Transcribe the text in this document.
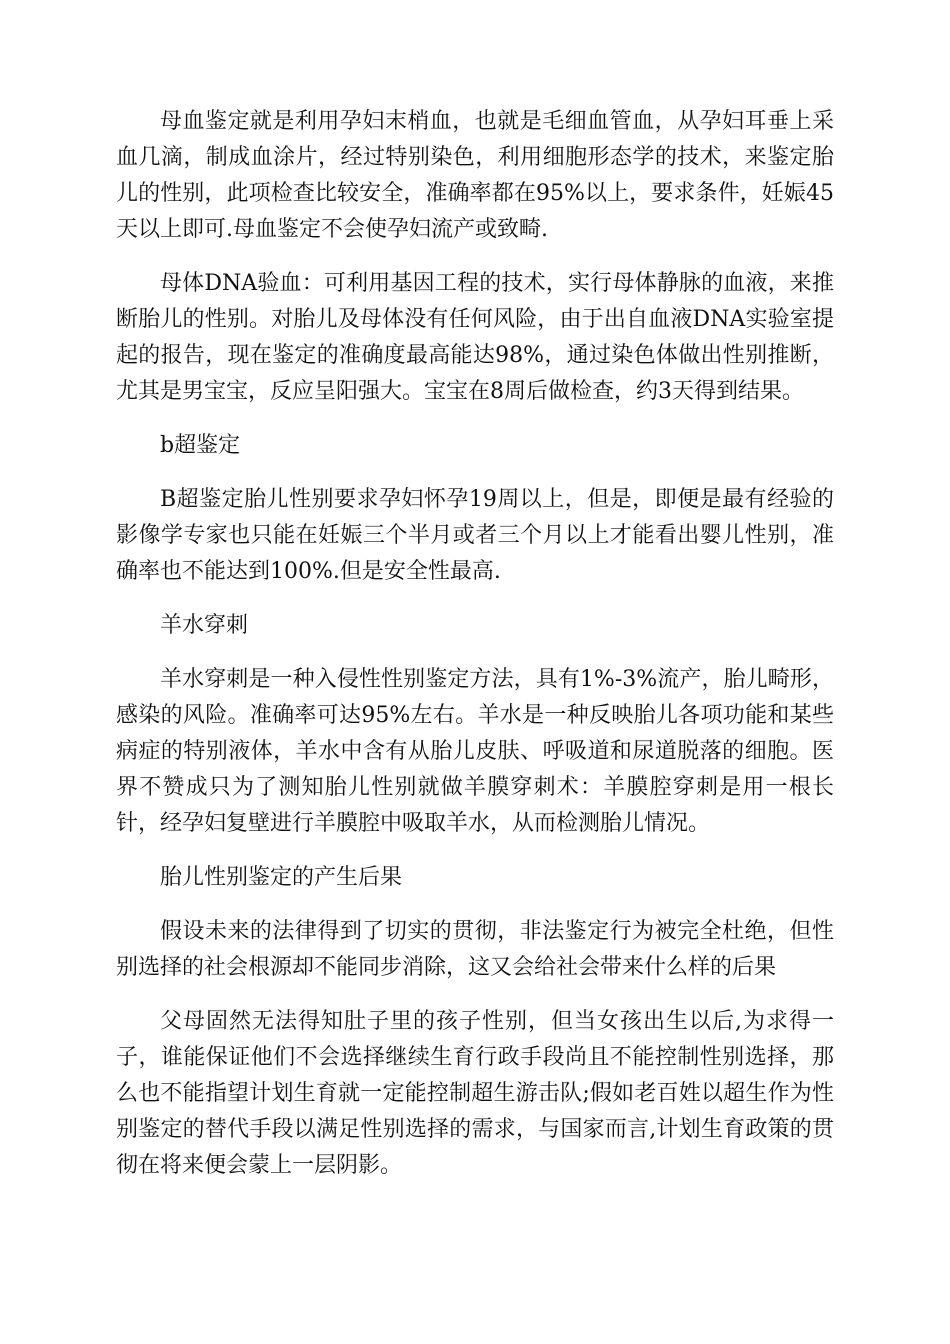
母血鉴定就是利用孕妇末梢血，也就是毛细血管血，从孕妇耳垂上采血几滴，制成血涂片，经过特别染色，利用细胞形态学的技术，来鉴定胎儿的性别，此项检查比较安全，准确率都在95%以上，要求条件，妊娠45天以上即可.母血鉴定不会使孕妇流产或致畸.

母体DNA验血：可利用基因工程的技术，实行母体静脉的血液，来推断胎儿的性别。对胎儿及母体没有任何风险，由于出自血液DNA实验室提起的报告，现在鉴定的准确度最高能达98%，通过染色体做出性别推断，尤其是男宝宝，反应呈阳强大。宝宝在8周后做检查，约3天得到结果。

b超鉴定

B超鉴定胎儿性别要求孕妇怀孕19周以上，但是，即便是最有经验的影像学专家也只能在妊娠三个半月或者三个月以上才能看出婴儿性别，准确率也不能达到100%.但是安全性最高.

羊水穿刺

羊水穿刺是一种入侵性性别鉴定方法，具有1%-3%流产，胎儿畸形，感染的风险。准确率可达95%左右。羊水是一种反映胎儿各项功能和某些病症的特别液体，羊水中含有从胎儿皮肤、呼吸道和尿道脱落的细胞。医界不赞成只为了测知胎儿性别就做羊膜穿刺术：羊膜腔穿刺是用一根长针，经孕妇复壁进行羊膜腔中吸取羊水，从而检测胎儿情况。

胎儿性别鉴定的产生后果

假设未来的法律得到了切实的贯彻，非法鉴定行为被完全杜绝，但性别选择的社会根源却不能同步消除，这又会给社会带来什么样的后果

父母固然无法得知肚子里的孩子性别，但当女孩出生以后,为求得一子，谁能保证他们不会选择继续生育行政手段尚且不能控制性别选择，那么也不能指望计划生育就一定能控制超生游击队;假如老百姓以超生作为性别鉴定的替代手段以满足性别选择的需求，与国家而言,计划生育政策的贯彻在将来便会蒙上一层阴影。
